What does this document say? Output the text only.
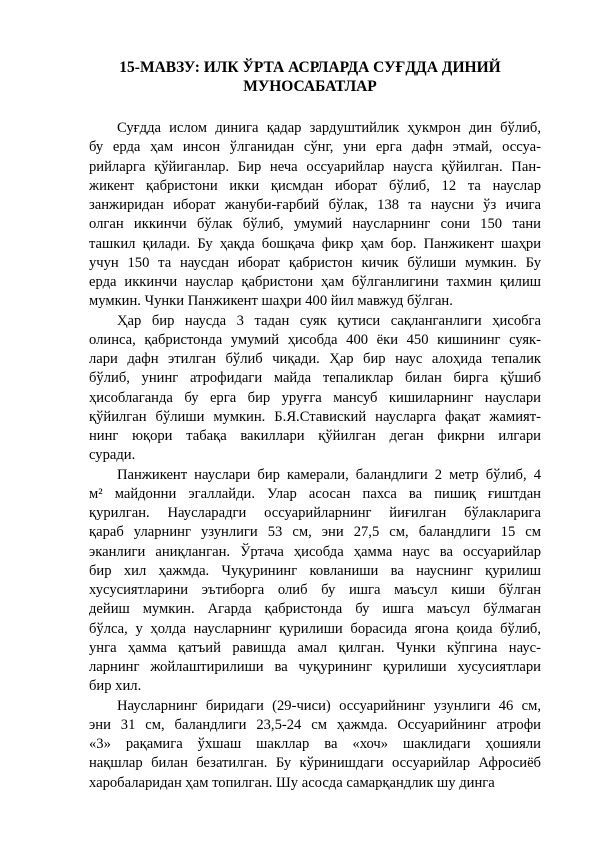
15-МАВЗУ: ИЛК ЎРТА АСРЛАРДА СУҒДДА ДИНИЙ
МУНОСАБАТЛАР
Суғдда ислом динига қадар зардуштийлик ҳукмрон дин бўлиб,
бу ерда ҳам инсон ўлганидан сўнг, уни ерга дафн этмай, оссуа-
рийларга қўйиганлар. Бир неча оссуарийлар наусга қўйилган. Пан-
жикент қабристони икки қисмдан иборат бўлиб, 12 та науслар
занжиридан иборат жануби-ғарбий бўлак, 138 та наусни ўз ичига
олган иккинчи бўлак бўлиб, умумий наусларнинг сони 150 тани
ташкил қилади. Бу ҳақда бошқача фикр ҳам бор. Панжикент шаҳри
учун 150 та наусдан иборат қабристон кичик бўлиши мумкин. Бу
ерда иккинчи науслар қабристони ҳам бўлганлигини тахмин қилиш
мумкин. Чунки Панжикент шаҳри 400 йил мавжуд бўлган.
Ҳар бир наусда 3 тадан суяк қутиси сақланганлиги ҳисобга
олинса, қабристонда умумий ҳисобда 400 ёки 450 кишининг суяк-
лари дафн этилган бўлиб чиқади. Ҳар бир наус алоҳида тепалик
бўлиб, унинг атрофидаги майда тепаликлар билан бирга қўшиб
ҳисоблаганда бу ерга бир уруғга мансуб кишиларнинг науслари
қўйилган бўлиши мумкин. Б.Я.Ставиский наусларга фақат жамият-
нинг юқори табақа вакиллари қўйилган деган фикрни илгари
суради.
Панжикент науслари бир камерали, баландлиги 2 метр бўлиб, 4
м² майдонни эгаллайди. Улар асосан пахса ва пишиқ ғиштдан
қурилган. Наусларадги оссуарийларнинг йиғилган бўлакларига
қараб уларнинг узунлиги 53 см, эни 27,5 см, баландлиги 15 см
эканлиги аниқланган. Ўртача ҳисобда ҳамма наус ва оссуарийлар
бир хил ҳажмда. Чуқурининг ковланиши ва науснинг қурилиш
хусусиятларини эътиборга олиб бу ишга маъсул киши бўлган
дейиш мумкин. Агарда қабристонда бу ишга маъсул бўлмаган
бўлса, у ҳолда наусларнинг қурилиши борасида ягона қоида бўлиб,
унга ҳамма қатъий равишда амал қилган. Чунки кўпгина наус-
ларнинг жойлаштирилиши ва чуқурининг қурилиши хусусиятлари
бир хил.
Наусларнинг биридаги (29-чиси) оссуарийнинг узунлиги 46 см,
эни 31 см, баландлиги 23,5-24 см ҳажмда. Оссуарийнинг атрофи
«3» рақамига ўхшаш шакллар ва «хоч» шаклидаги ҳошияли
нақшлар билан безатилган. Бу кўринишдаги оссуарийлар Афросиёб
харобаларидан ҳам топилган. Шу асосда самарқандлик шу динга
